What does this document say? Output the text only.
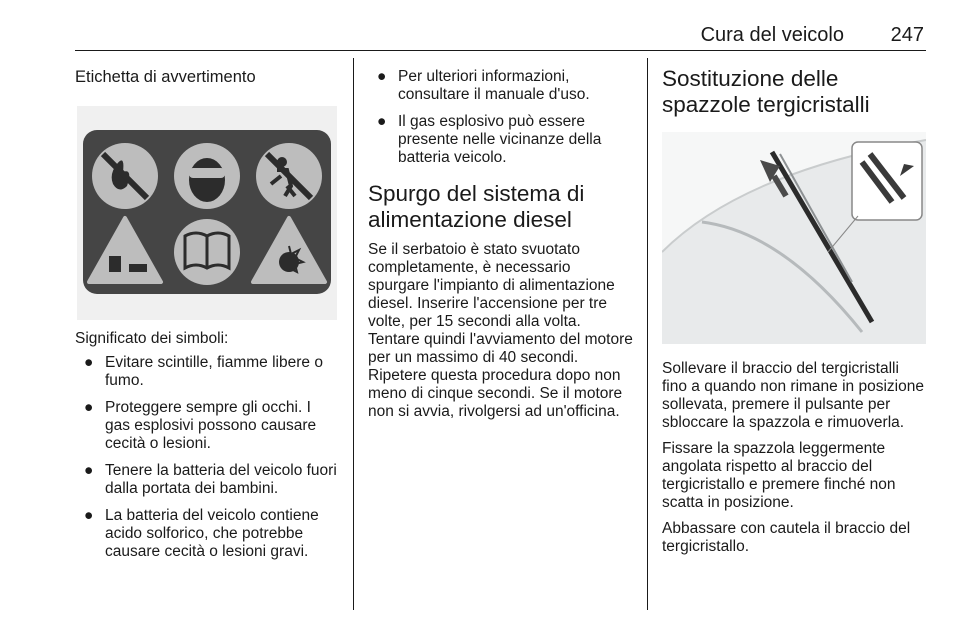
Cura del veicolo 247
Etichetta di avvertimento
Significato dei simboli:
● Evitare scintille, fiamme libere o fumo.
● Proteggere sempre gli occhi. I gas esplosivi possono causare cecità o lesioni.
● Tenere la batteria del veicolo fuori dalla portata dei bambini.
● La batteria del veicolo contiene acido solforico, che potrebbe causare cecità o lesioni gravi.
● Per ulteriori informazioni, consultare il manuale d'uso.
● Il gas esplosivo può essere presente nelle vicinanze della batteria veicolo.
Spurgo del sistema di alimentazione diesel

Se il serbatoio è stato svuotato completamente, è necessario spurgare l'impianto di alimentazione diesel. Inserire l'accensione per tre volte, per 15 secondi alla volta. Tentare quindi l'avviamento del motore per un massimo di 40 secondi. Ripetere questa procedura dopo non meno di cinque secondi. Se il motore non si avvia, rivolgersi ad un'officina.

Sostituzione delle spazzole tergicristalli

Sollevare il braccio del tergicristalli fino a quando non rimane in posizione sollevata, premere il pulsante per sbloccare la spazzola e rimuoverla.

Fissare la spazzola leggermente angolata rispetto al braccio del tergicristallo e premere finché non scatta in posizione.

Abbassare con cautela il braccio del tergicristallo.
